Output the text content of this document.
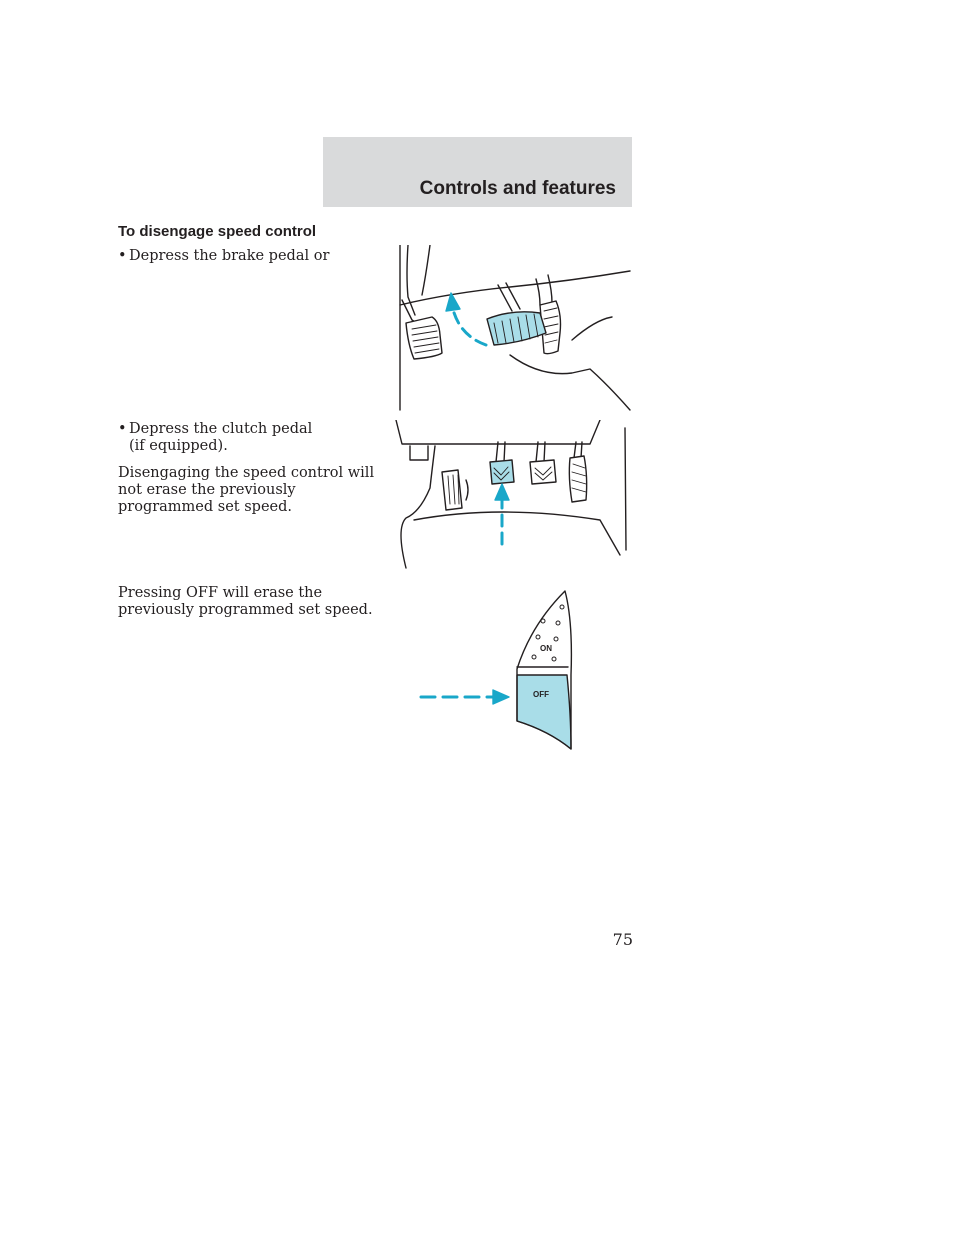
Controls and features
To disengage speed control
• Depress the brake pedal or
• Depress the clutch pedal
(if equipped).
Disengaging the speed control will
not erase the previously
programmed set speed.
Pressing OFF will erase the
previously programmed set speed.
ON
OFF
75
